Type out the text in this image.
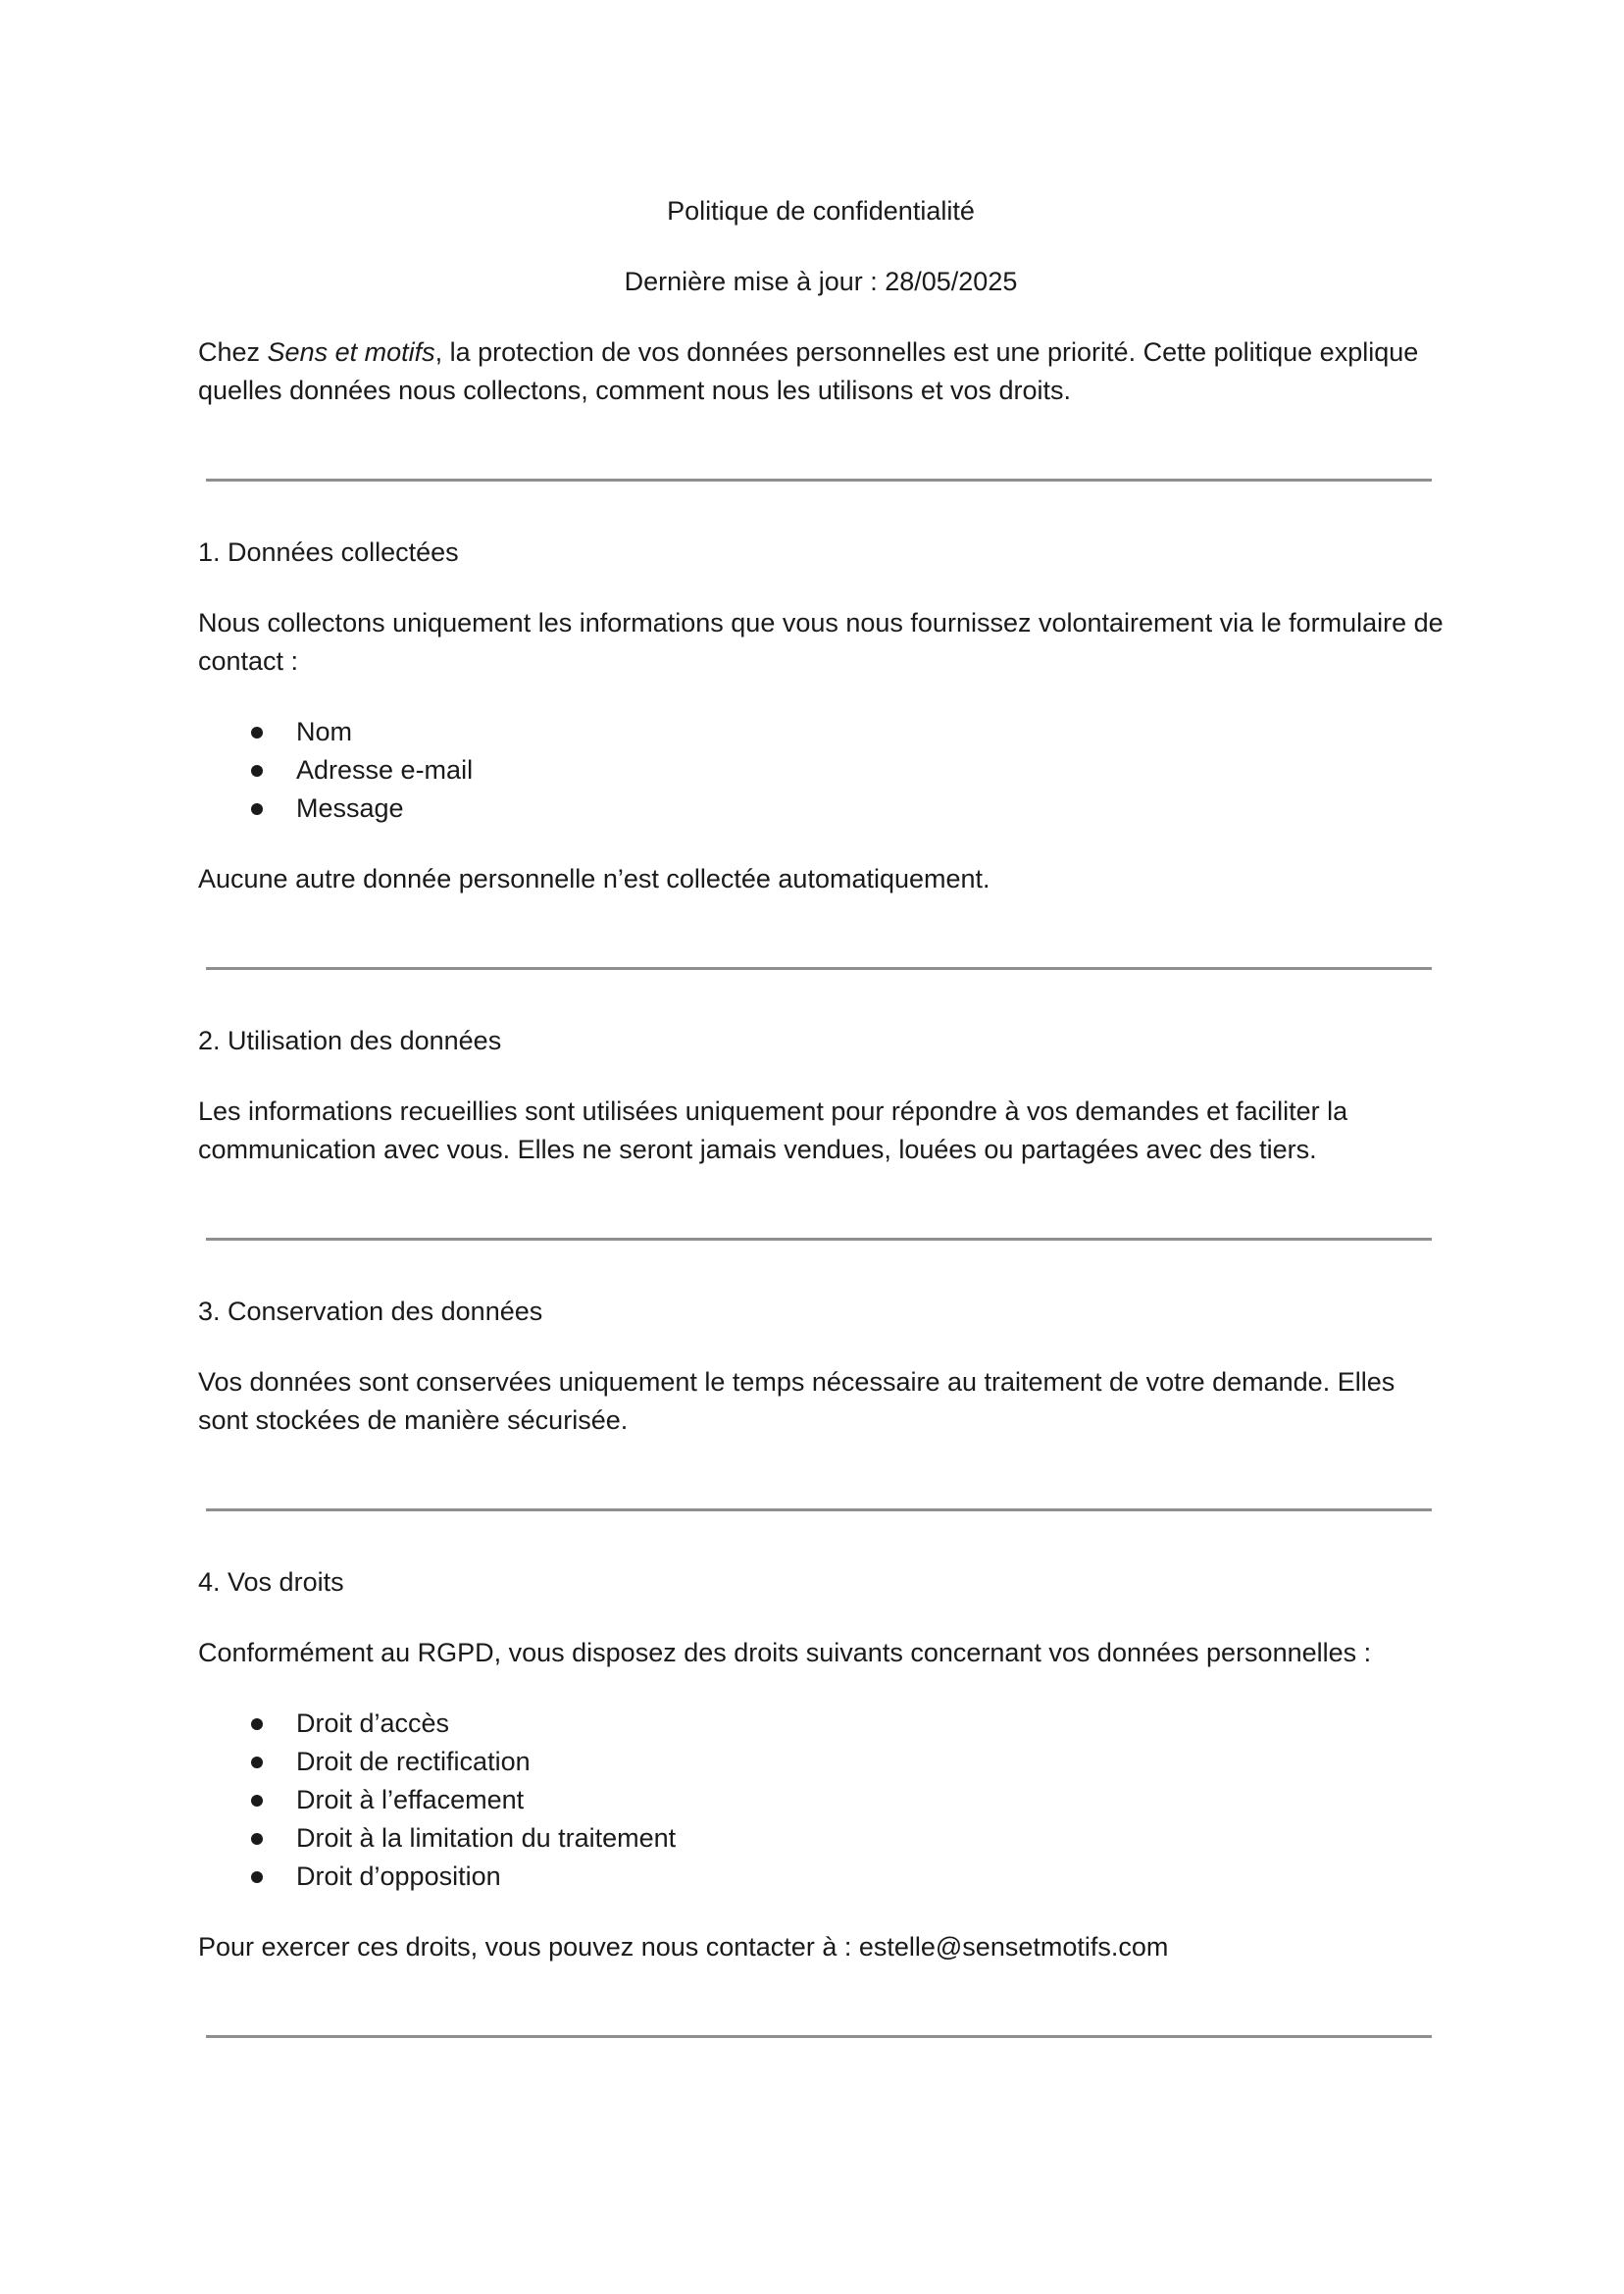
Politique de confidentialité

Dernière mise à jour : 28/05/2025

Chez Sens et motifs, la protection de vos données personnelles est une priorité. Cette politique explique quelles données nous collectons, comment nous les utilisons et vos droits.

1. Données collectées

Nous collectons uniquement les informations que vous nous fournissez volontairement via le formulaire de contact :

Nom
Adresse e-mail
Message

Aucune autre donnée personnelle n’est collectée automatiquement.

2. Utilisation des données

Les informations recueillies sont utilisées uniquement pour répondre à vos demandes et faciliter la communication avec vous. Elles ne seront jamais vendues, louées ou partagées avec des tiers.

3. Conservation des données

Vos données sont conservées uniquement le temps nécessaire au traitement de votre demande. Elles sont stockées de manière sécurisée.

4. Vos droits

Conformément au RGPD, vous disposez des droits suivants concernant vos données personnelles :

Droit d’accès
Droit de rectification
Droit à l’effacement
Droit à la limitation du traitement
Droit d’opposition

Pour exercer ces droits, vous pouvez nous contacter à : estelle@sensetmotifs.com
